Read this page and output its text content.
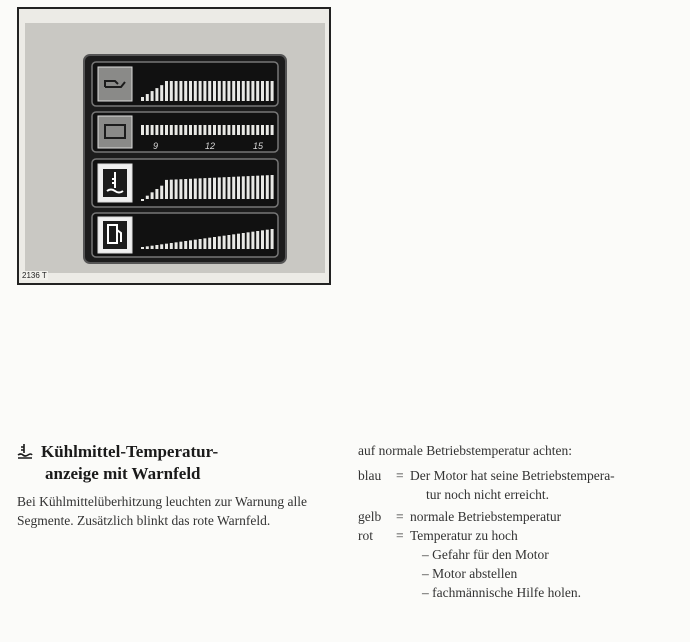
9	12	15
2136 T
Kühlmittel-Temperatur-
anzeige mit Warnfeld
Bei Kühlmittelüberhitzung leuchten zur Warnung alle Segmente. Zusätzlich blinkt das rote Warnfeld.
auf normale Betriebstemperatur achten:
blau	= Der Motor hat seine Betriebstempera-
tur noch nicht erreicht.
gelb	= normale Betriebstemperatur
rot	= Temperatur zu hoch
– Gefahr für den Motor
– Motor abstellen
– fachmännische Hilfe holen.
